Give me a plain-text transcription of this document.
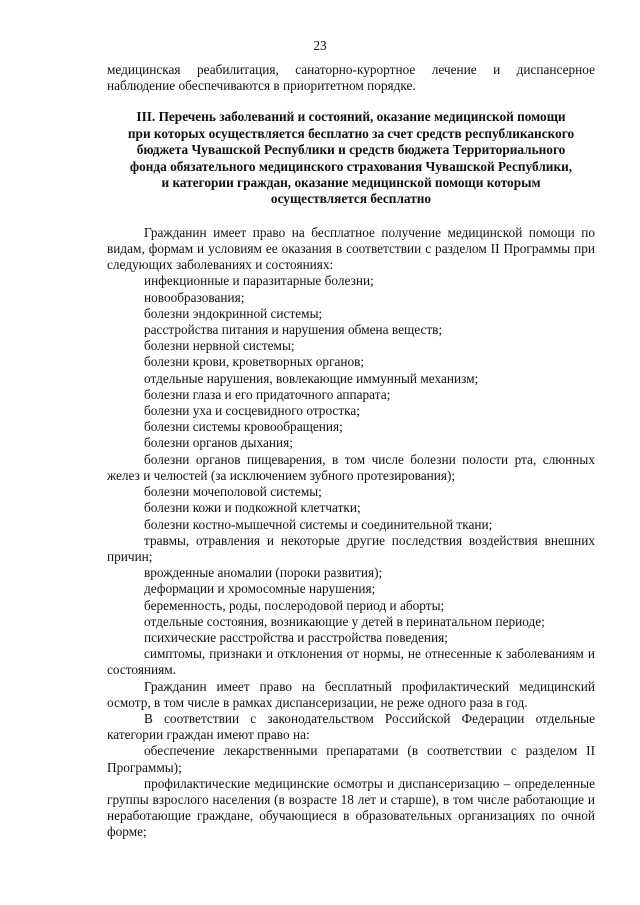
23

медицинская реабилитация, санаторно-курортное лечение и диспансерное наблюдение обеспечиваются в приоритетном порядке.

III. Перечень заболеваний и состояний, оказание медицинской помощи
при которых осуществляется бесплатно за счет средств республиканского
бюджета Чувашской Республики и средств бюджета Территориального
фонда обязательного медицинского страхования Чувашской Республики,
и категории граждан, оказание медицинской помощи которым
осуществляется бесплатно

Гражданин имеет право на бесплатное получение медицинской помощи по видам, формам и условиям ее оказания в соответствии с разделом II Программы при следующих заболеваниях и состояниях:

инфекционные и паразитарные болезни;

новообразования;

болезни эндокринной системы;

расстройства питания и нарушения обмена веществ;

болезни нервной системы;

болезни крови, кроветворных органов;

отдельные нарушения, вовлекающие иммунный механизм;

болезни глаза и его придаточного аппарата;

болезни уха и сосцевидного отростка;

болезни системы кровообращения;

болезни органов дыхания;

болезни органов пищеварения, в том числе болезни полости рта, слюнных желез и челюстей (за исключением зубного протезирования);

болезни мочеполовой системы;

болезни кожи и подкожной клетчатки;

болезни костно-мышечной системы и соединительной ткани;

травмы, отравления и некоторые другие последствия воздействия внешних причин;

врожденные аномалии (пороки развития);

деформации и хромосомные нарушения;

беременность, роды, послеродовой период и аборты;

отдельные состояния, возникающие у детей в перинатальном периоде;

психические расстройства и расстройства поведения;

симптомы, признаки и отклонения от нормы, не отнесенные к заболеваниям и состояниям.

Гражданин имеет право на бесплатный профилактический медицинский осмотр, в том числе в рамках диспансеризации, не реже одного раза в год.

В соответствии с законодательством Российской Федерации отдельные категории граждан имеют право на:

обеспечение лекарственными препаратами (в соответствии с разделом II Программы);

профилактические медицинские осмотры и диспансеризацию – определенные группы взрослого населения (в возрасте 18 лет и старше), в том числе работающие и неработающие граждане, обучающиеся в образовательных организациях по очной форме;
